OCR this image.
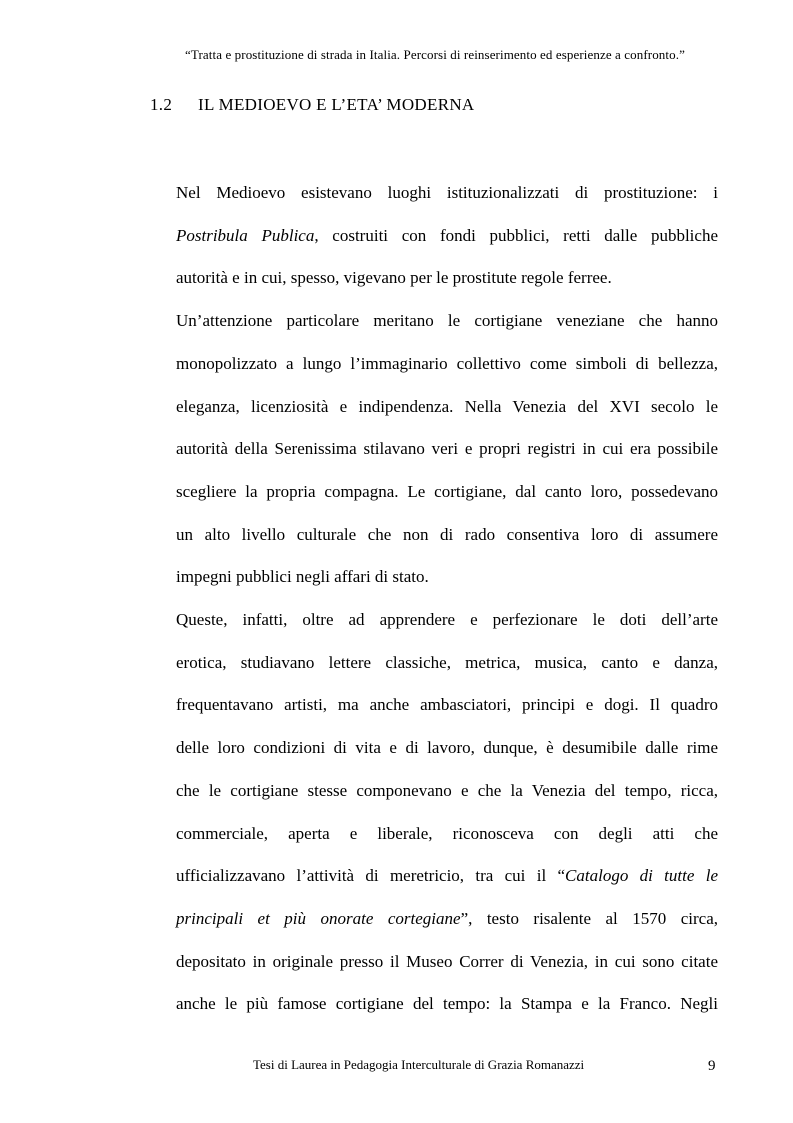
“Tratta e prostituzione di strada in Italia. Percorsi di reinserimento ed esperienze a confronto.”
1.2 IL MEDIOEVO E L’ETA’ MODERNA
Nel Medioevo esistevano luoghi istituzionalizzati di prostituzione: i
Postribula Publica, costruiti con fondi pubblici, retti dalle pubbliche
autorità e in cui, spesso, vigevano per le prostitute regole ferree.
Un’attenzione particolare meritano le cortigiane veneziane che hanno
monopolizzato a lungo l’immaginario collettivo come simboli di bellezza,
eleganza, licenziosità e indipendenza. Nella Venezia del XVI secolo le
autorità della Serenissima stilavano veri e propri registri in cui era possibile
scegliere la propria compagna. Le cortigiane, dal canto loro, possedevano
un alto livello culturale che non di rado consentiva loro di assumere
impegni pubblici negli affari di stato.
Queste, infatti, oltre ad apprendere e perfezionare le doti dell’arte
erotica, studiavano lettere classiche, metrica, musica, canto e danza,
frequentavano artisti, ma anche ambasciatori, principi e dogi. Il quadro
delle loro condizioni di vita e di lavoro, dunque, è desumibile dalle rime
che le cortigiane stesse componevano e che la Venezia del tempo, ricca,
commerciale, aperta e liberale, riconosceva con degli atti che
ufficializzavano l’attività di meretricio, tra cui il “Catalogo di tutte le
principali et più onorate cortegiane”, testo risalente al 1570 circa,
depositato in originale presso il Museo Correr di Venezia, in cui sono citate
anche le più famose cortigiane del tempo: la Stampa e la Franco. Negli
Tesi di Laurea in Pedagogia Interculturale di Grazia Romanazzi	9
